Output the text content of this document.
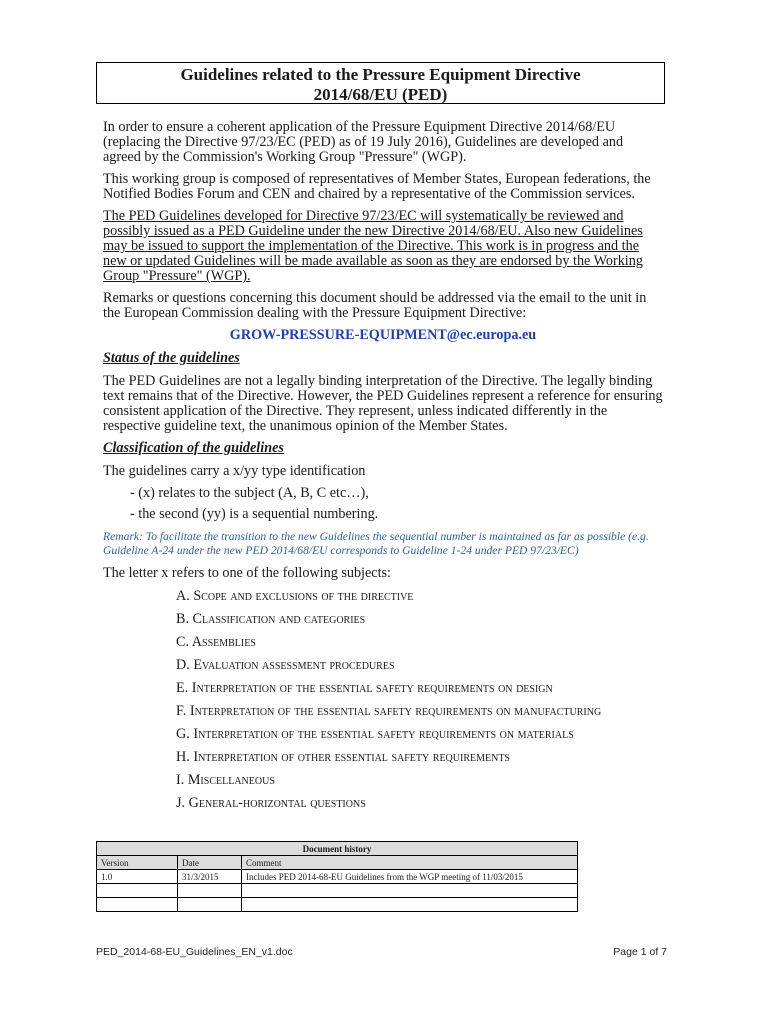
Guidelines related to the Pressure Equipment Directive
2014/68/EU (PED)

In order to ensure a coherent application of the Pressure Equipment Directive 2014/68/EU (replacing the Directive 97/23/EC (PED) as of 19 July 2016), Guidelines are developed and agreed by the Commission's Working Group "Pressure" (WGP).

This working group is composed of representatives of Member States, European federations, the Notified Bodies Forum and CEN and chaired by a representative of the Commission services.

The PED Guidelines developed for Directive 97/23/EC will systematically be reviewed and possibly issued as a PED Guideline under the new Directive 2014/68/EU. Also new Guidelines may be issued to support the implementation of the Directive. This work is in progress and the new or updated Guidelines will be made available as soon as they are endorsed by the Working Group "Pressure" (WGP).

Remarks or questions concerning this document should be addressed via the email to the unit in the European Commission dealing with the Pressure Equipment Directive:

GROW-PRESSURE-EQUIPMENT@ec.europa.eu
Status of the guidelines

The PED Guidelines are not a legally binding interpretation of the Directive. The legally binding text remains that of the Directive. However, the PED Guidelines represent a reference for ensuring consistent application of the Directive. They represent, unless indicated differently in the respective guideline text, the unanimous opinion of the Member States.

Classification of the guidelines

The guidelines carry a x/yy type identification

- (x) relates to the subject (A, B, C etc…),

- the second (yy) is a sequential numbering.

Remark: To facilitate the transition to the new Guidelines the sequential number is maintained as far as possible (e.g. Guideline A-24 under the new PED 2014/68/EU corresponds to Guideline 1-24 under PED 97/23/EC)

The letter x refers to one of the following subjects:

A. Scope and exclusions of the directive
B. Classification and categories
C. Assemblies
D. Evaluation assessment procedures
E. Interpretation of the essential safety requirements on design
F. Interpretation of the essential safety requirements on manufacturing
G. Interpretation of the essential safety requirements on materials
H. Interpretation of other essential safety requirements
I. Miscellaneous
J. General-horizontal questions
Document history		
Version	Date	Comment
1.0	31/3/2015	Includes PED 2014-68-EU Guidelines from the WGP meeting of 11/03/2015

PED_2014-68-EU_Guidelines_EN_v1.doc	Page 1 of 7
